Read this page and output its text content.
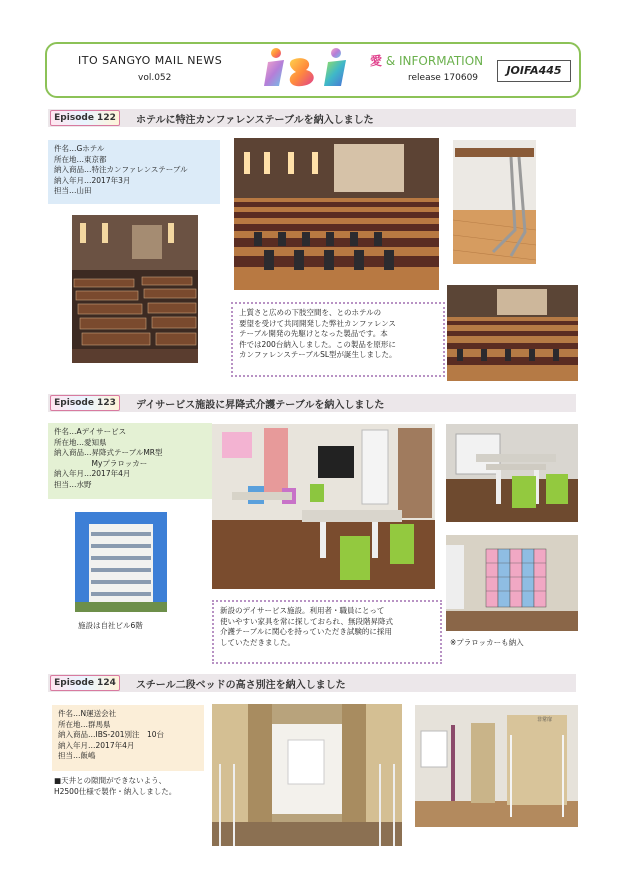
ITO SANGYO MAIL NEWS
vol.052
愛 & INFORMATION
release 170609
JOIFA445
Episode 122	ホテルに特注カンファレンステーブルを納入しました
件名…Gホテル
所在地…東京都
納入商品…特注カンファレンステーブル
納入年月…2017年3月
担当…山田
上質さと広めの下肢空間を、とのホテルの
要望を受けて共同開発した弊社カンファレンス
テーブル開発の先駆けとなった製品です。本
件では200台納入しました。この製品を原形に
カンファレンステーブルSL型が誕生しました。
Episode 123	デイサービス施設に昇降式介護テーブルを納入しました
件名…Aデイサービス
所在地…愛知県
納入商品…昇降式テーブルMR型
　　　　　Myプラロッカー
納入年月…2017年4月
担当…水野
施設は自社ビル6階
新設のデイサービス施設。利用者・職員にとって
使いやすい家具を常に探しておられ、無段階昇降式
介護テーブルに関心を持っていただき試験的に採用
していただきました。	※プラロッカーも納入
Episode 124	スチール二段ベッドの高さ別注を納入しました
件名…N運送会社
所在地…群馬県
納入商品…IBS-201別注　10台
納入年月…2017年4月
担当…飯嶋
■天井との隙間ができないよう、
H2500仕様で製作・納入しました。
非常扉
